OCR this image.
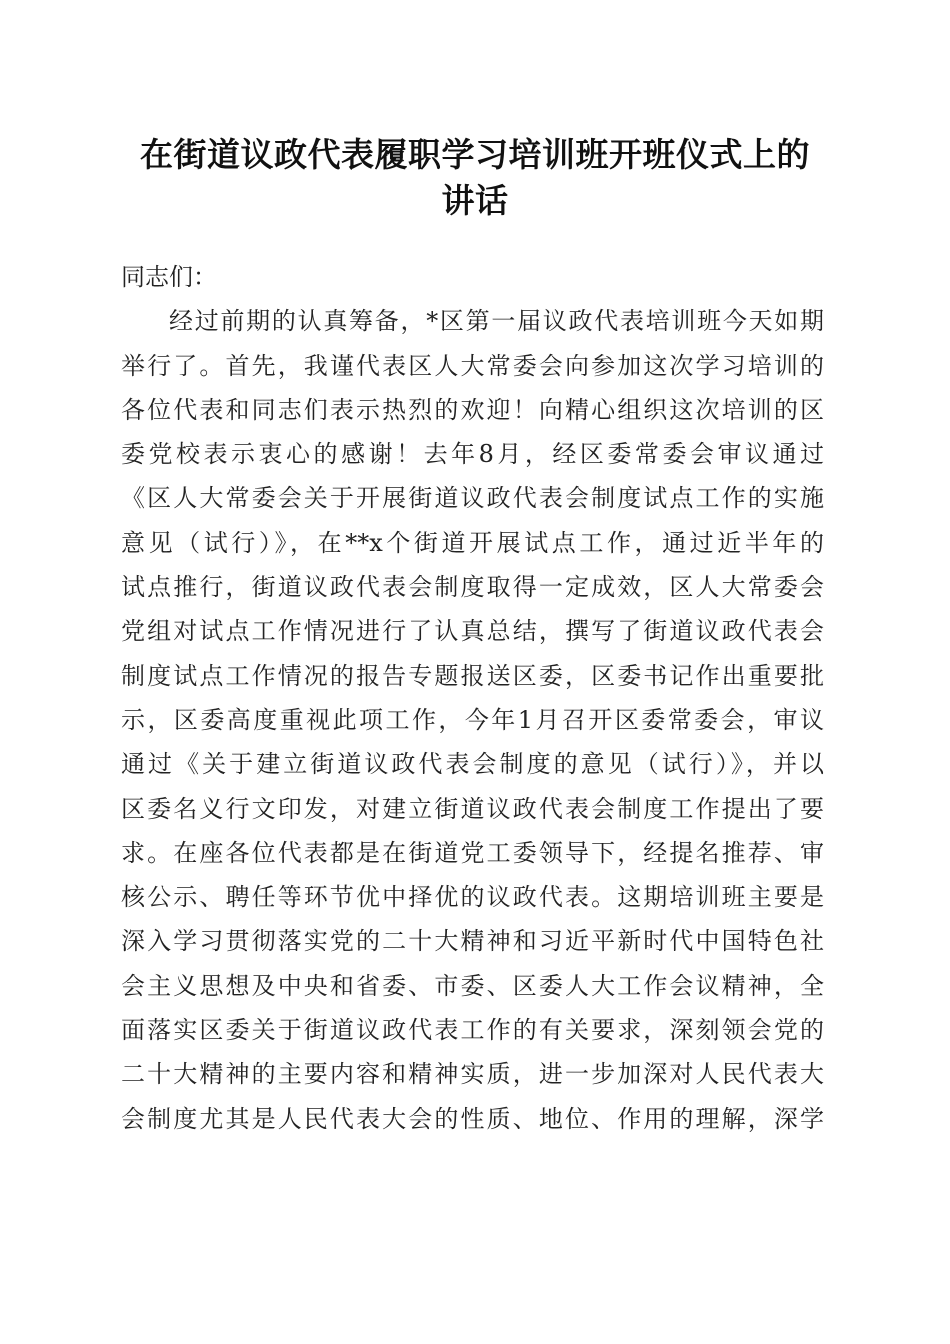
在街道议政代表履职学习培训班开班仪式上的
讲话

同志们：

经过前期的认真筹备，*区第一届议政代表培训班今天如期
举行了。首先，我谨代表区人大常委会向参加这次学习培训的
各位代表和同志们表示热烈的欢迎！向精心组织这次培训的区
委党校表示衷心的感谢！去年8月，经区委常委会审议通过
《区人大常委会关于开展街道议政代表会制度试点工作的实施
意见（试行）》，在**x个街道开展试点工作，通过近半年的
试点推行，街道议政代表会制度取得一定成效，区人大常委会
党组对试点工作情况进行了认真总结，撰写了街道议政代表会
制度试点工作情况的报告专题报送区委，区委书记作出重要批
示，区委高度重视此项工作，今年1月召开区委常委会，审议
通过《关于建立街道议政代表会制度的意见（试行）》，并以
区委名义行文印发，对建立街道议政代表会制度工作提出了要
求。在座各位代表都是在街道党工委领导下，经提名推荐、审
核公示、聘任等环节优中择优的议政代表。这期培训班主要是
深入学习贯彻落实党的二十大精神和习近平新时代中国特色社
会主义思想及中央和省委、市委、区委人大工作会议精神，全
面落实区委关于街道议政代表工作的有关要求，深刻领会党的
二十大精神的主要内容和精神实质，进一步加深对人民代表大
会制度尤其是人民代表大会的性质、地位、作用的理解，深学
